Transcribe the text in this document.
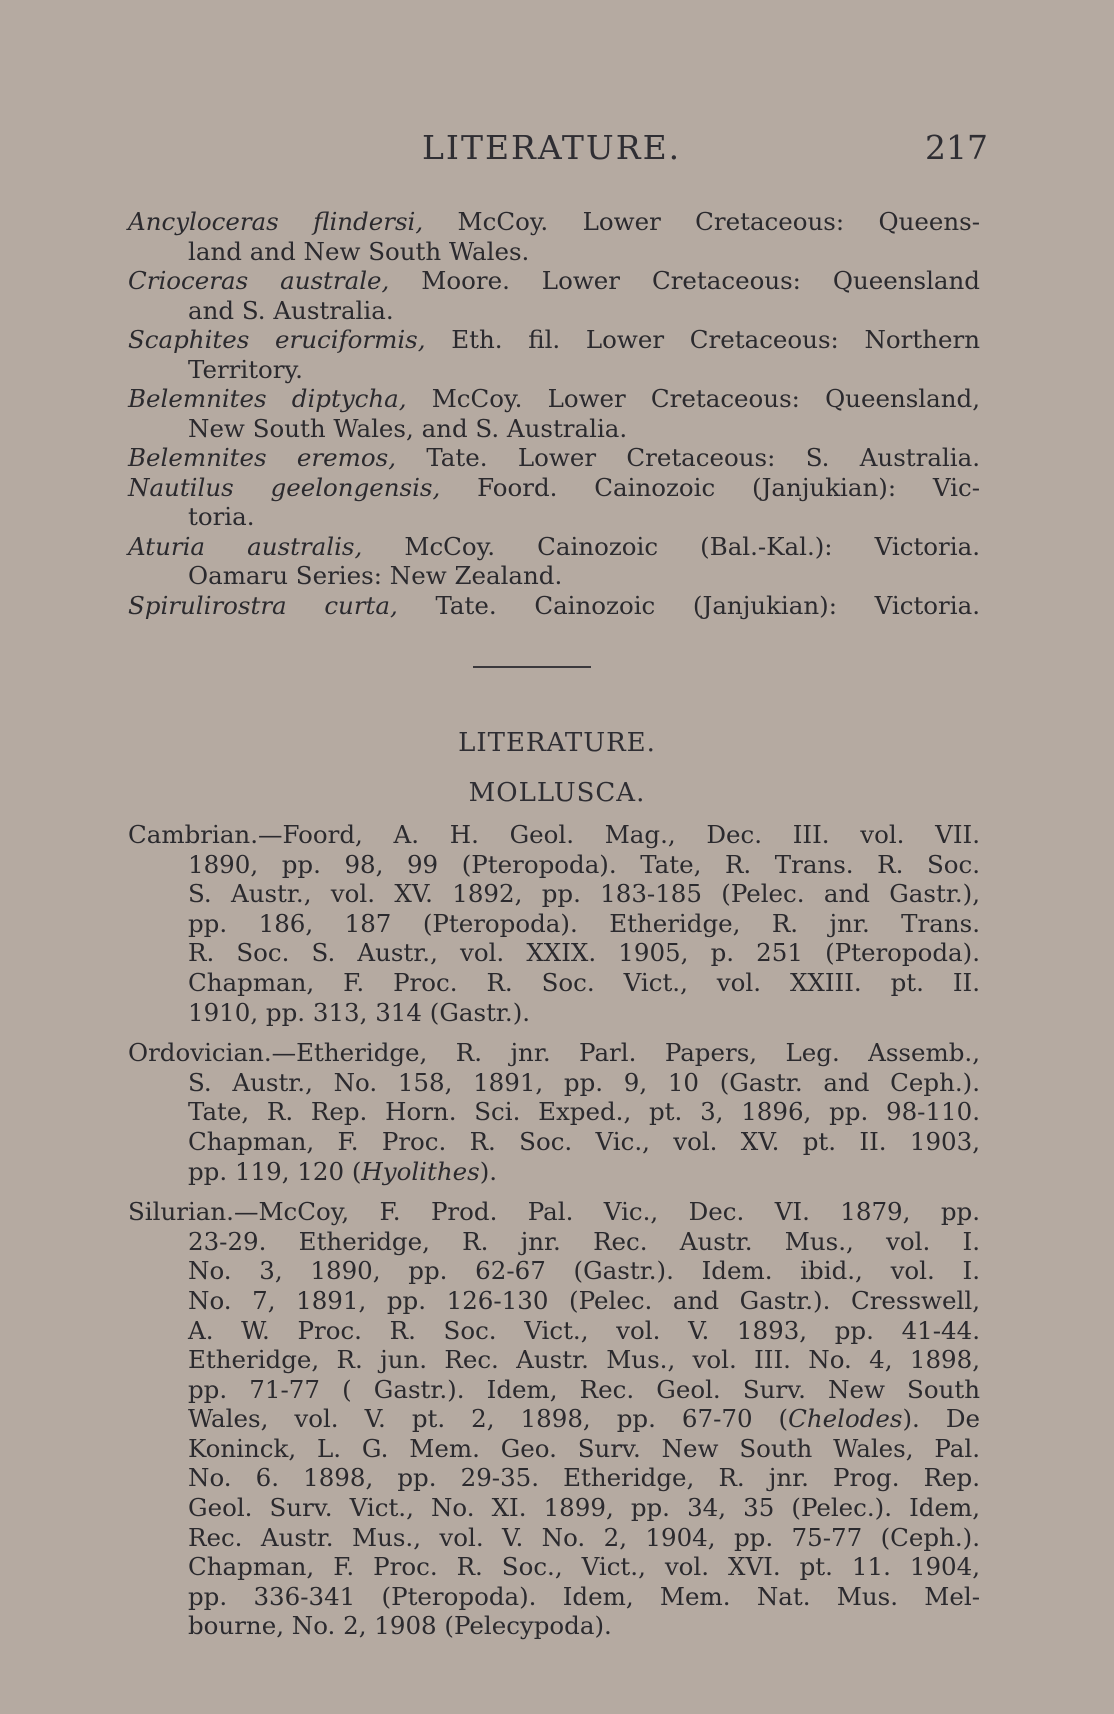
LITERATURE.	217

Ancyloceras flindersi, McCoy. Lower Cretaceous: Queens-
land and New South Wales.

Crioceras australe, Moore. Lower Cretaceous: Queensland
and S. Australia.

Scaphites eruciformis, Eth. fil. Lower Cretaceous: Northern
Territory.

Belemnites diptycha, McCoy. Lower Cretaceous: Queensland,
New South Wales, and S. Australia.

Belemnites eremos, Tate. Lower Cretaceous: S. Australia.

Nautilus geelongensis, Foord. Cainozoic (Janjukian): Vic-
toria.

Aturia australis, McCoy. Cainozoic (Bal.-Kal.): Victoria.
Oamaru Series: New Zealand.

Spirulirostra curta, Tate. Cainozoic (Janjukian): Victoria.

LITERATURE.
MOLLUSCA.

Cambrian.—Foord, A. H. Geol. Mag., Dec. III. vol. VII.
1890, pp. 98, 99 (Pteropoda). Tate, R. Trans. R. Soc.
S. Austr., vol. XV. 1892, pp. 183-185 (Pelec. and Gastr.),
pp. 186, 187 (Pteropoda). Etheridge, R. jnr. Trans.
R. Soc. S. Austr., vol. XXIX. 1905, p. 251 (Pteropoda).
Chapman, F. Proc. R. Soc. Vict., vol. XXIII. pt. II.
1910, pp. 313, 314 (Gastr.).

Ordovician.—Etheridge, R. jnr. Parl. Papers, Leg. Assemb.,
S. Austr., No. 158, 1891, pp. 9, 10 (Gastr. and Ceph.).
Tate, R. Rep. Horn. Sci. Exped., pt. 3, 1896, pp. 98-110.
Chapman, F. Proc. R. Soc. Vic., vol. XV. pt. II. 1903,
pp. 119, 120 (Hyolithes).

Silurian.—McCoy, F. Prod. Pal. Vic., Dec. VI. 1879, pp.
23-29. Etheridge, R. jnr. Rec. Austr. Mus., vol. I.
No. 3, 1890, pp. 62-67 (Gastr.). Idem. ibid., vol. I.
No. 7, 1891, pp. 126-130 (Pelec. and Gastr.). Cresswell,
A. W. Proc. R. Soc. Vict., vol. V. 1893, pp. 41-44.
Etheridge, R. jun. Rec. Austr. Mus., vol. III. No. 4, 1898,
pp. 71-77 ( Gastr.). Idem, Rec. Geol. Surv. New South
Wales, vol. V. pt. 2, 1898, pp. 67-70 (Chelodes). De
Koninck, L. G. Mem. Geo. Surv. New South Wales, Pal.
No. 6. 1898, pp. 29-35. Etheridge, R. jnr. Prog. Rep.
Geol. Surv. Vict., No. XI. 1899, pp. 34, 35 (Pelec.). Idem,
Rec. Austr. Mus., vol. V. No. 2, 1904, pp. 75-77 (Ceph.).
Chapman, F. Proc. R. Soc., Vict., vol. XVI. pt. 11. 1904,
pp. 336-341 (Pteropoda). Idem, Mem. Nat. Mus. Mel-
bourne, No. 2, 1908 (Pelecypoda).
